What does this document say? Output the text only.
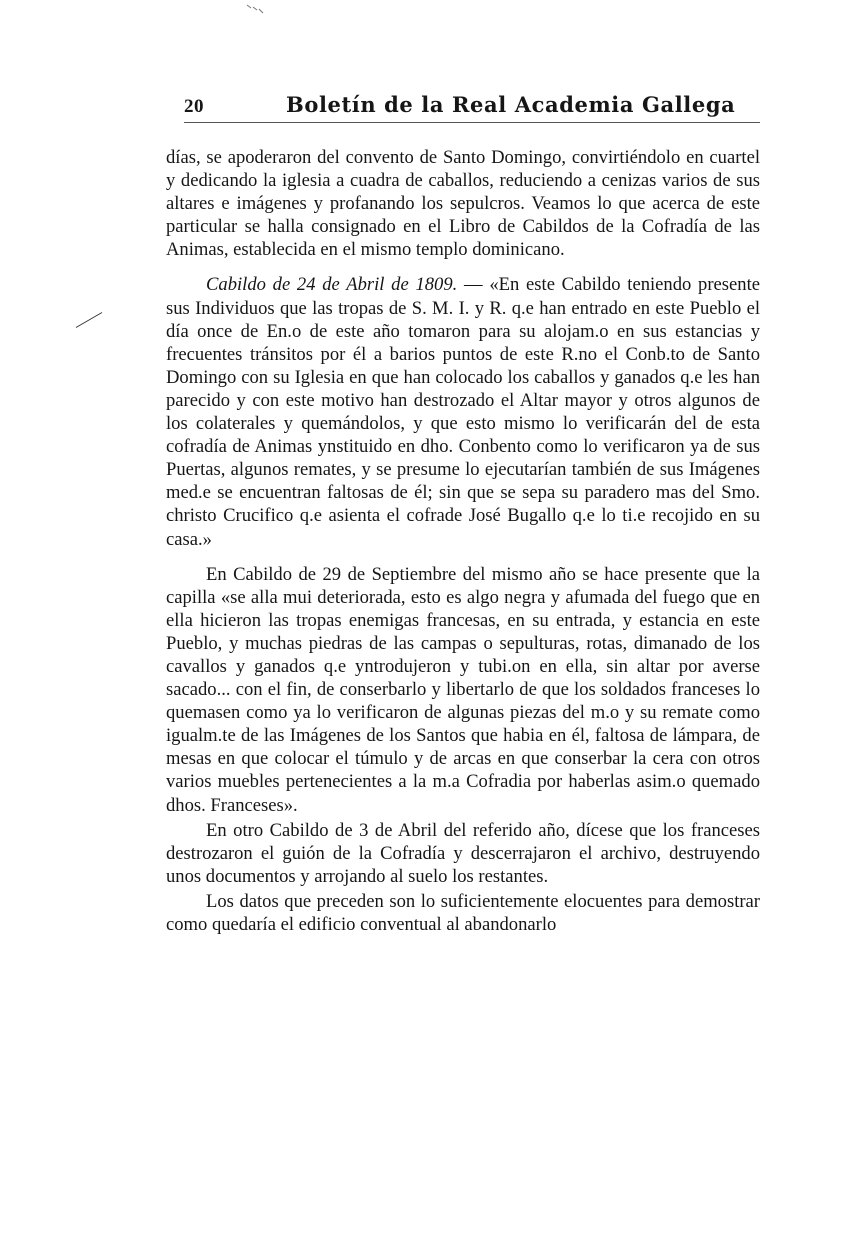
20	Boletín de la Real Academia Gallega

días, se apoderaron del convento de Santo Domingo, convirtiéndolo en cuartel y dedicando la iglesia a cuadra de caballos, reduciendo a cenizas varios de sus altares e imágenes y profanando los sepulcros. Veamos lo que acerca de este particular se halla consignado en el Libro de Cabildos de la Cofradía de las Animas, establecida en el mismo templo dominicano.

Cabildo de 24 de Abril de 1809. — «En este Cabildo teniendo presente sus Individuos que las tropas de S. M. I. y R. q.e han entrado en este Pueblo el día once de En.o de este año tomaron para su alojam.o en sus estancias y frecuentes tránsitos por él a barios puntos de este R.no el Conb.to de Santo Domingo con su Iglesia en que han colocado los caballos y ganados q.e les han parecido y con este motivo han destrozado el Altar mayor y otros algunos de los colaterales y quemándolos, y que esto mismo lo verificarán del de esta cofradía de Animas ynstituido en dho. Conbento como lo verificaron ya de sus Puertas, algunos remates, y se presume lo ejecutarían también de sus Imágenes med.e se encuentran faltosas de él; sin que se sepa su paradero mas del Smo. christo Crucifico q.e asienta el cofrade José Bugallo q.e lo ti.e recojido en su casa.»

En Cabildo de 29 de Septiembre del mismo año se hace presente que la capilla «se alla mui deteriorada, esto es algo negra y afumada del fuego que en ella hicieron las tropas enemigas francesas, en su entrada, y estancia en este Pueblo, y muchas piedras de las campas o sepulturas, rotas, dimanado de los cavallos y ganados q.e yntrodujeron y tubi.on en ella, sin altar por averse sacado... con el fin, de conserbarlo y libertarlo de que los soldados franceses lo quemasen como ya lo verificaron de algunas piezas del m.o y su remate como igualm.te de las Imágenes de los Santos que habia en él, faltosa de lámpara, de mesas en que colocar el túmulo y de arcas en que conserbar la cera con otros varios muebles pertenecientes a la m.a Cofradia por haberlas asim.o quemado dhos. Franceses».

En otro Cabildo de 3 de Abril del referido año, dícese que los franceses destrozaron el guión de la Cofradía y descerrajaron el archivo, destruyendo unos documentos y arrojando al suelo los restantes.

Los datos que preceden son lo suficientemente elocuentes para demostrar como quedaría el edificio conventual al abandonarlo
